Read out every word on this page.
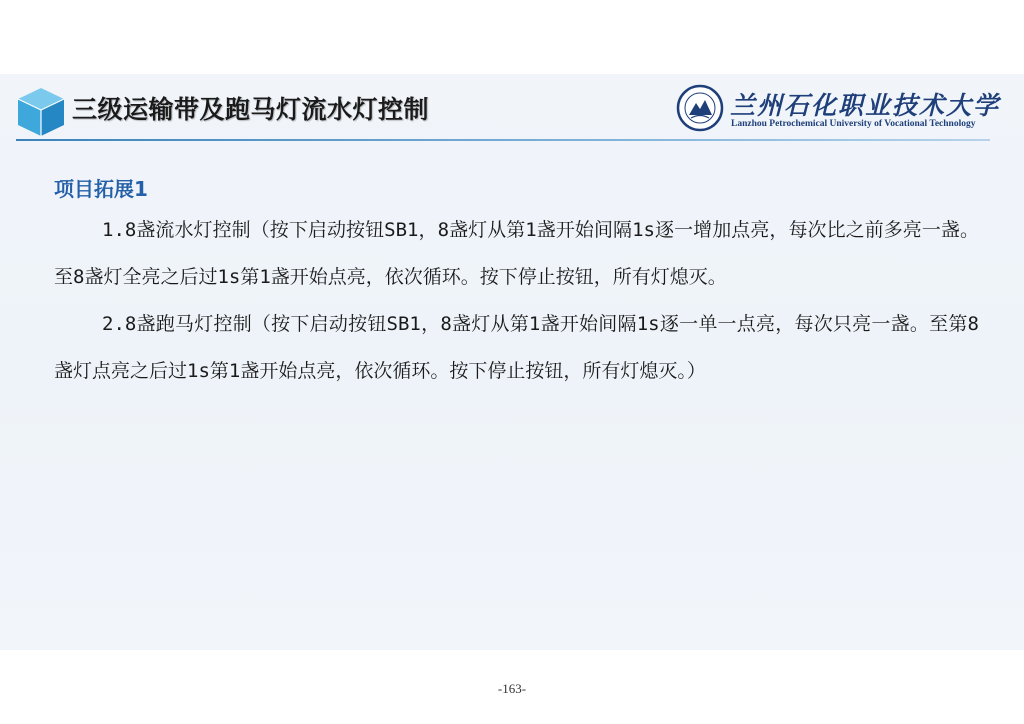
三级运输带及跑马灯流水灯控制	兰州石化职业技术大学
Lanzhou Petrochemical University of Vocational Technology
项目拓展1

1.8盏流水灯控制（按下启动按钮SB1，8盏灯从第1盏开始间隔1s逐一增加点亮，每次比之前多亮一盏。至8盏灯全亮之后过1s第1盏开始点亮，依次循环。按下停止按钮，所有灯熄灭。

2.8盏跑马灯控制（按下启动按钮SB1，8盏灯从第1盏开始间隔1s逐一单一点亮，每次只亮一盏。至第8盏灯点亮之后过1s第1盏开始点亮，依次循环。按下停止按钮，所有灯熄灭。）

-163-
